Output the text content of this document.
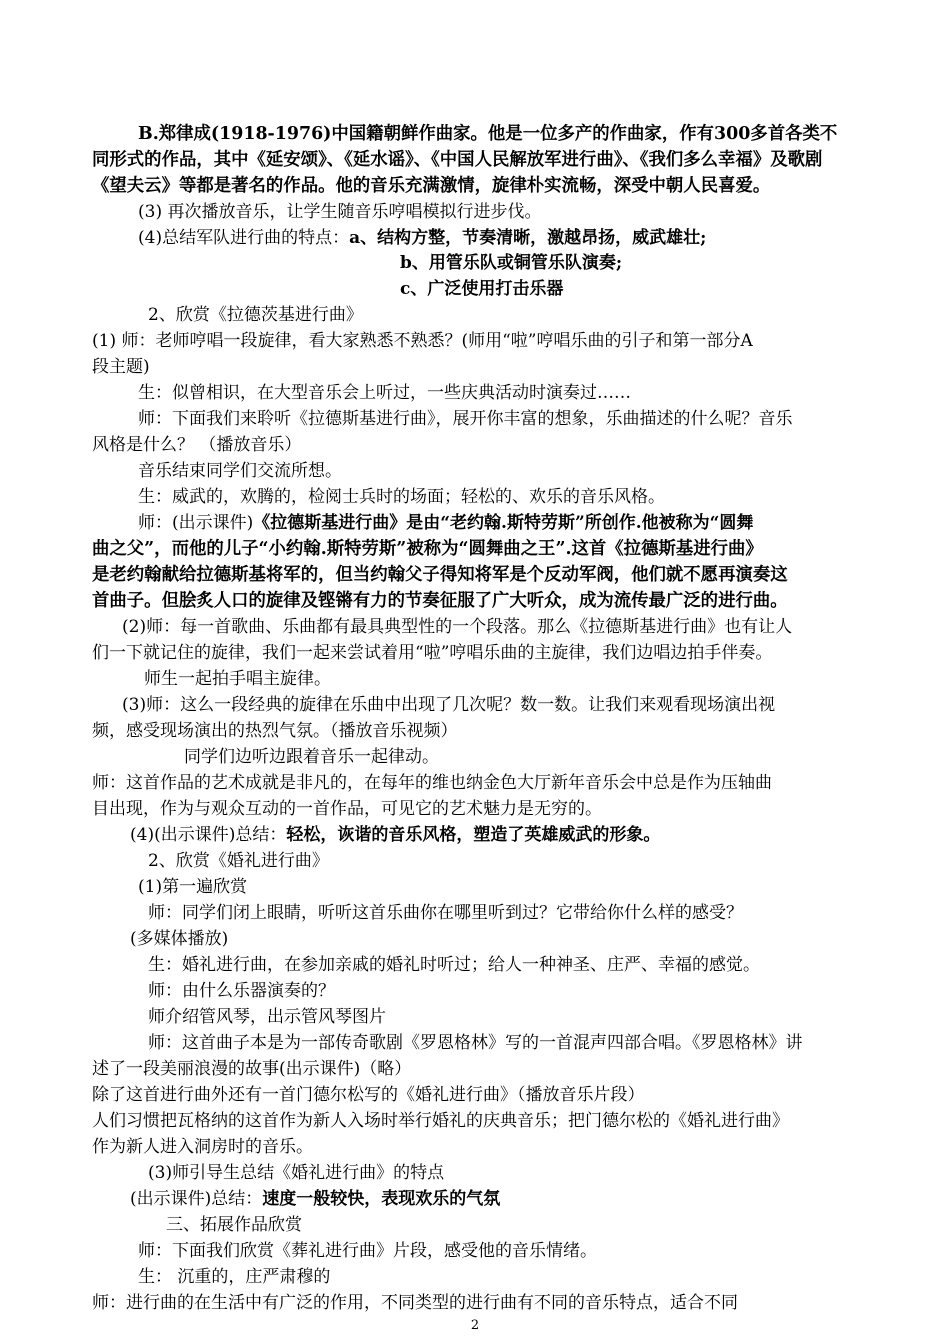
B.郑律成(1918-1976)中国籍朝鲜作曲家。他是一位多产的作曲家，作有300多首各类不
同形式的作品，其中《延安颂》、《延水谣》、《中国人民解放军进行曲》、《我们多么幸福》及歌剧
《望夫云》等都是著名的作品。他的音乐充满激情，旋律朴实流畅，深受中朝人民喜爱。
(3) 再次播放音乐，让学生随音乐哼唱模拟行进步伐。
(4)总结军队进行曲的特点：a、结构方整，节奏清晰，激越昂扬，威武雄壮;
b、用管乐队或铜管乐队演奏;
c、广泛使用打击乐器
2、欣赏《拉德茨基进行曲》
(1) 师：老师哼唱一段旋律，看大家熟悉不熟悉？(师用“啦”哼唱乐曲的引子和第一部分A
段主题)
生：似曾相识，在大型音乐会上听过，一些庆典活动时演奏过……
师：下面我们来聆听《拉德斯基进行曲》，展开你丰富的想象，乐曲描述的什么呢？音乐
风格是什么？ （播放音乐）
音乐结束同学们交流所想。
生：威武的，欢腾的，检阅士兵时的场面；轻松的、欢乐的音乐风格。
师：(出示课件)《拉德斯基进行曲》是由“老约翰.斯特劳斯”所创作.他被称为“圆舞
曲之父”，而他的儿子“小约翰.斯特劳斯”被称为“圆舞曲之王”.这首《拉德斯基进行曲》
是老约翰献给拉德斯基将军的，但当约翰父子得知将军是个反动军阀，他们就不愿再演奏这
首曲子。但脍炙人口的旋律及铿锵有力的节奏征服了广大听众，成为流传最广泛的进行曲。
(2)师：每一首歌曲、乐曲都有最具典型性的一个段落。那么《拉德斯基进行曲》也有让人
们一下就记住的旋律，我们一起来尝试着用“啦”哼唱乐曲的主旋律，我们边唱边拍手伴奏。
师生一起拍手唱主旋律。
(3)师：这么一段经典的旋律在乐曲中出现了几次呢？数一数。让我们来观看现场演出视
频，感受现场演出的热烈气氛。（播放音乐视频）
同学们边听边跟着音乐一起律动。
师：这首作品的艺术成就是非凡的，在每年的维也纳金色大厅新年音乐会中总是作为压轴曲
目出现，作为与观众互动的一首作品，可见它的艺术魅力是无穷的。
(4)(出示课件)总结：轻松，诙谐的音乐风格，塑造了英雄威武的形象。
2、欣赏《婚礼进行曲》
(1)第一遍欣赏
师：同学们闭上眼睛，听听这首乐曲你在哪里听到过？它带给你什么样的感受？
(多媒体播放)
生：婚礼进行曲，在参加亲戚的婚礼时听过；给人一种神圣、庄严、幸福的感觉。
师：由什么乐器演奏的？
师介绍管风琴，出示管风琴图片
师：这首曲子本是为一部传奇歌剧《罗恩格林》写的一首混声四部合唱。《罗恩格林》讲
述了一段美丽浪漫的故事(出示课件)（略）
除了这首进行曲外还有一首门德尔松写的《婚礼进行曲》（播放音乐片段）
人们习惯把瓦格纳的这首作为新人入场时举行婚礼的庆典音乐；把门德尔松的《婚礼进行曲》
作为新人进入洞房时的音乐。
(3)师引导生总结《婚礼进行曲》的特点
(出示课件)总结：速度一般较快，表现欢乐的气氛
三、拓展作品欣赏
师：下面我们欣赏《葬礼进行曲》片段，感受他的音乐情绪。
生： 沉重的，庄严肃穆的
师：进行曲的在生活中有广泛的作用，不同类型的进行曲有不同的音乐特点，适合不同
2
